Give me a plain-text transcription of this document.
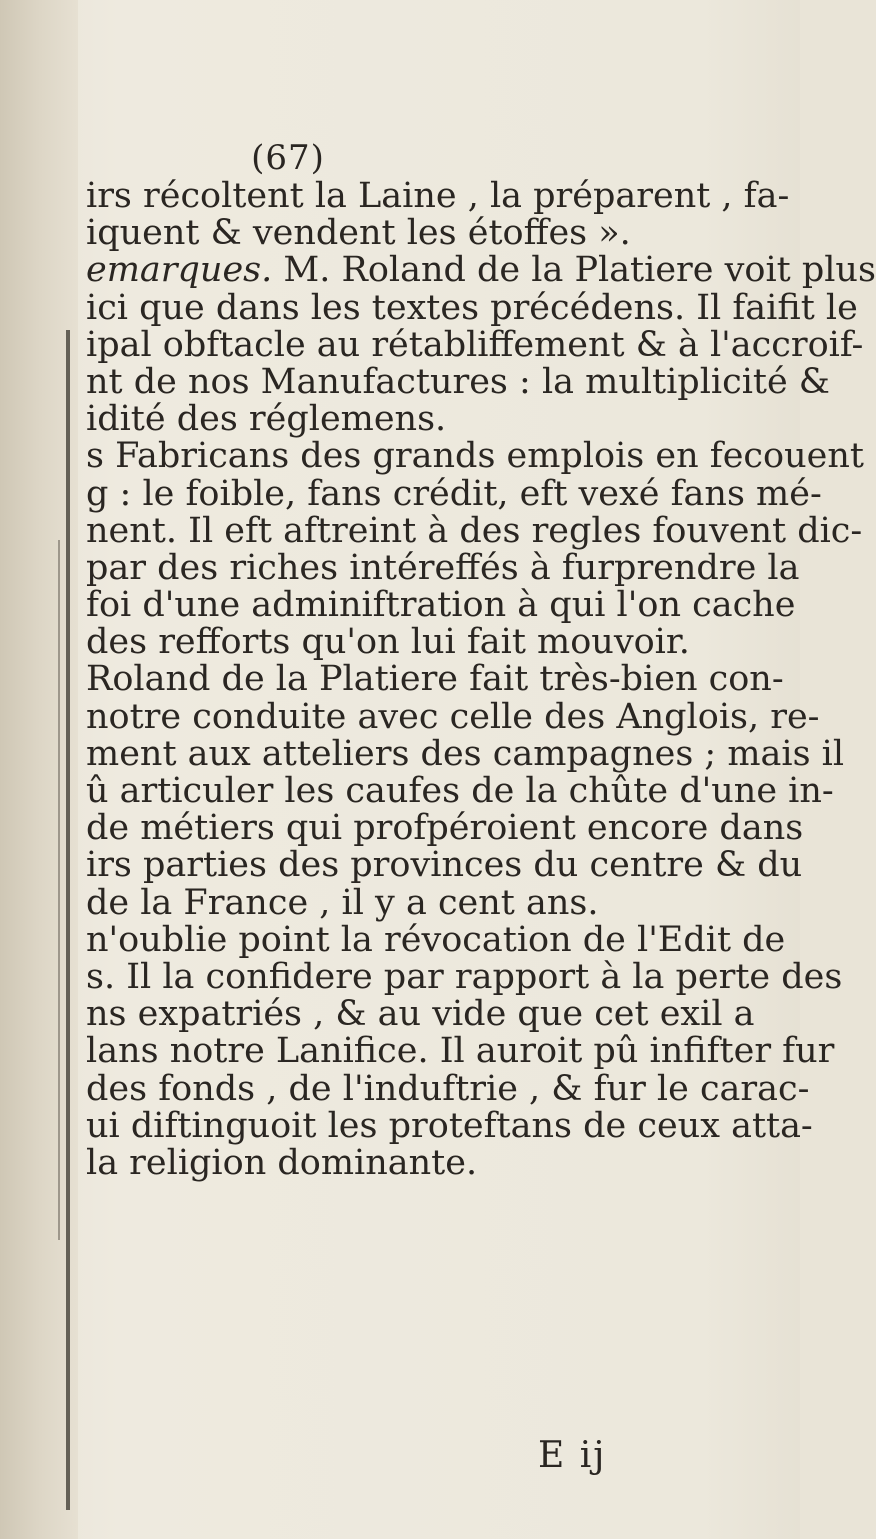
(67)
irs récoltent la Laine , la préparent , fa-
iquent & vendent les étoffes ».
emarques. M. Roland de la Platiere voit plus
ici que dans les textes précédens. Il faifit le
ipal obftacle au rétabliffement & à l'accroif-
nt de nos Manufactures : la multiplicité &
idité des réglemens.
s Fabricans des grands emplois en fecouent
g : le foible, fans crédit, eft vexé fans mé-
nent. Il eft aftreint à des regles fouvent dic-
par des riches intéreffés à furprendre la
foi d'une adminiftration à qui l'on cache
des refforts qu'on lui fait mouvoir.
Roland de la Platiere fait très-bien con-
notre conduite avec celle des Anglois, re-
ment aux atteliers des campagnes ; mais il
û articuler les caufes de la chûte d'une in-
de métiers qui profpéroient encore dans
irs parties des provinces du centre & du
de la France , il y a cent ans.
n'oublie point la révocation de l'Edit de
s. Il la confidere par rapport à la perte des
ns expatriés , & au vide que cet exil a
lans notre Lanifice. Il auroit pû infifter fur
des fonds , de l'induftrie , & fur le carac-
ui diftinguoit les proteftans de ceux atta-
la religion dominante.
E ij
